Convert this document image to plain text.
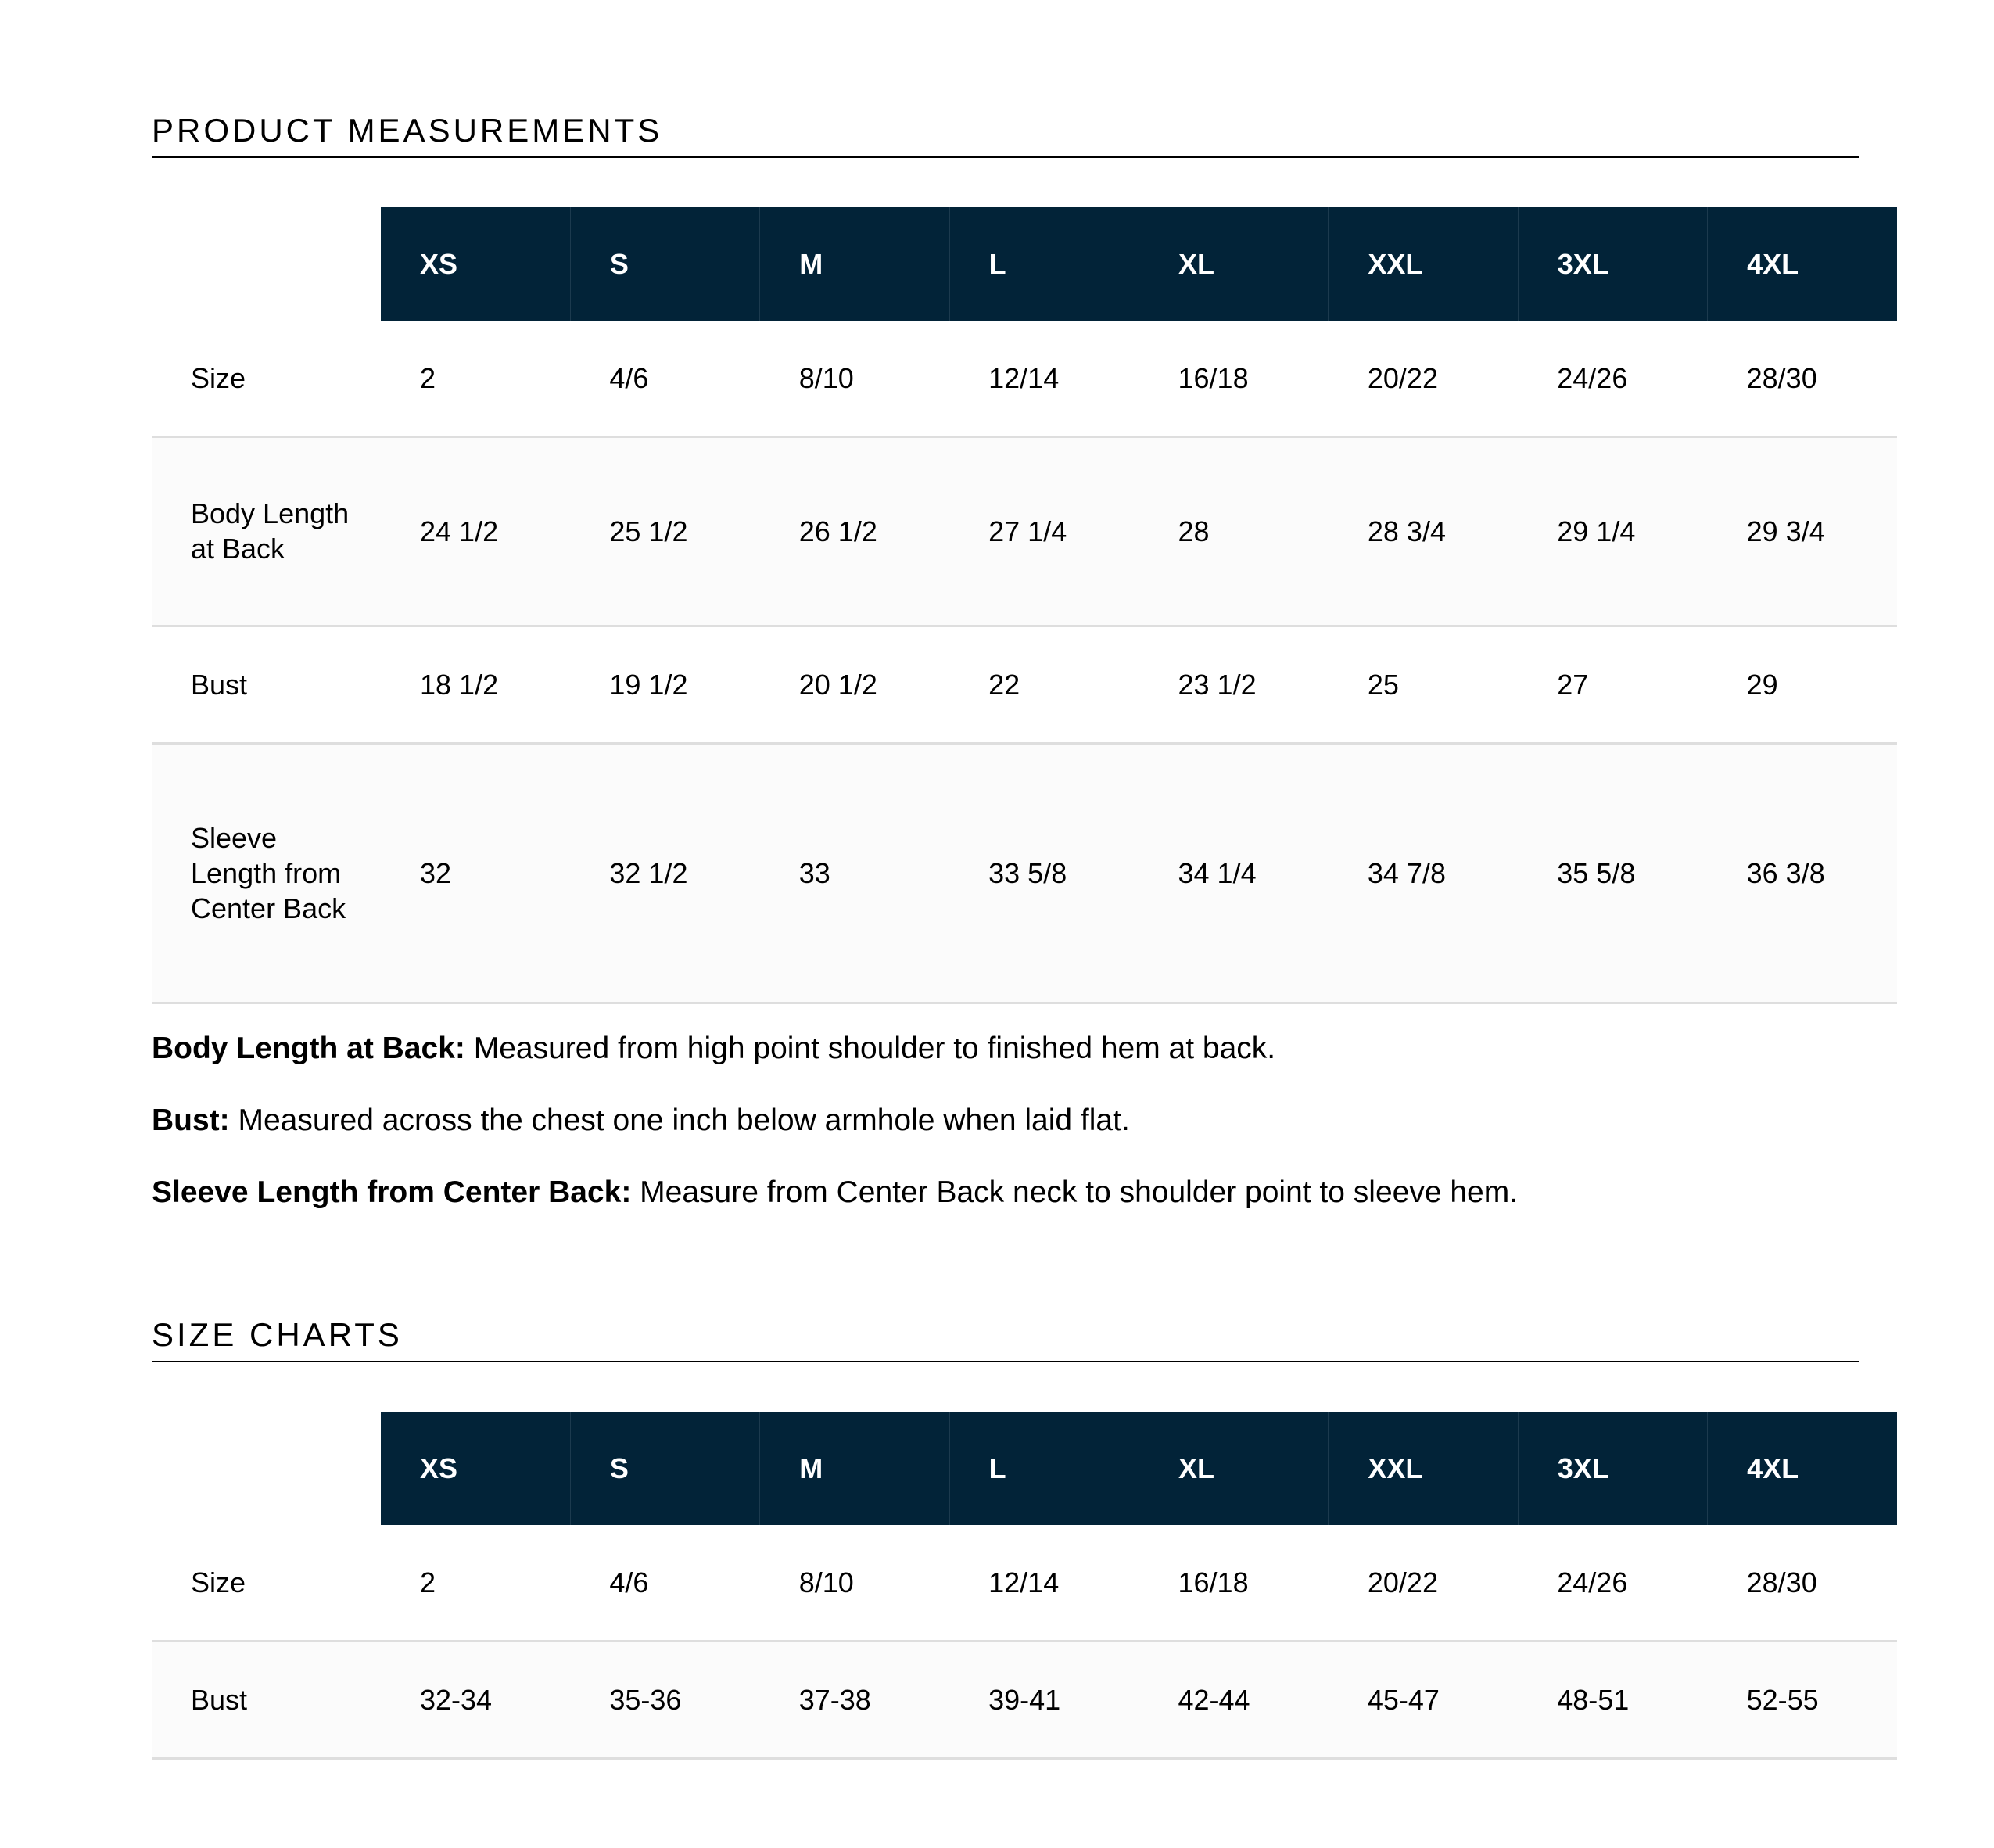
PRODUCT MEASUREMENTS
	XS	S	M	L	XL	XXL	3XL	4XL
Size	2	4/6	8/10	12/14	16/18	20/22	24/26	28/30
Body Length at Back	24 1/2	25 1/2	26 1/2	27 1/4	28	28 3/4	29 1/4	29 3/4
Bust	18 1/2	19 1/2	20 1/2	22	23 1/2	25	27	29
Sleeve Length from Center Back	32	32 1/2	33	33 5/8	34 1/4	34 7/8	35 5/8	36 3/8

Body Length at Back: Measured from high point shoulder to finished hem at back.

Bust: Measured across the chest one inch below armhole when laid flat.

Sleeve Length from Center Back: Measure from Center Back neck to shoulder point to sleeve hem.

SIZE CHARTS
	XS	S	M	L	XL	XXL	3XL	4XL
Size	2	4/6	8/10	12/14	16/18	20/22	24/26	28/30
Bust	32-34	35-36	37-38	39-41	42-44	45-47	48-51	52-55
